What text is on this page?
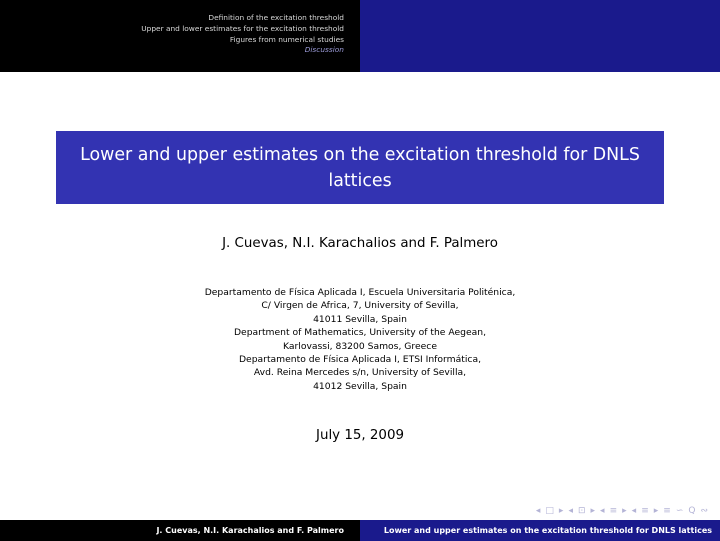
Definition of the excitation threshold
Upper and lower estimates for the excitation threshold
Figures from numerical studies
Discussion
Lower and upper estimates on the excitation threshold for DNLS lattices
J. Cuevas, N.I. Karachalios and F. Palmero
Departamento de Física Aplicada I, Escuela Universitaria Politénica,
C/ Virgen de Africa, 7, University of Sevilla,
41011 Sevilla, Spain
Department of Mathematics, University of the Aegean,
Karlovassi, 83200 Samos, Greece
Departamento de Física Aplicada I, ETSI Informática,
Avd. Reina Mercedes s/n, University of Sevilla,
41012 Sevilla, Spain
July 15, 2009
◂ □ ▸ ◂ ⊡ ▸ ◂ ≡ ▸ ◂ ≡ ▸ ≡ ∽ Q ∾
J. Cuevas, N.I. Karachalios and F. Palmero	Lower and upper estimates on the excitation threshold for DNLS lattices
